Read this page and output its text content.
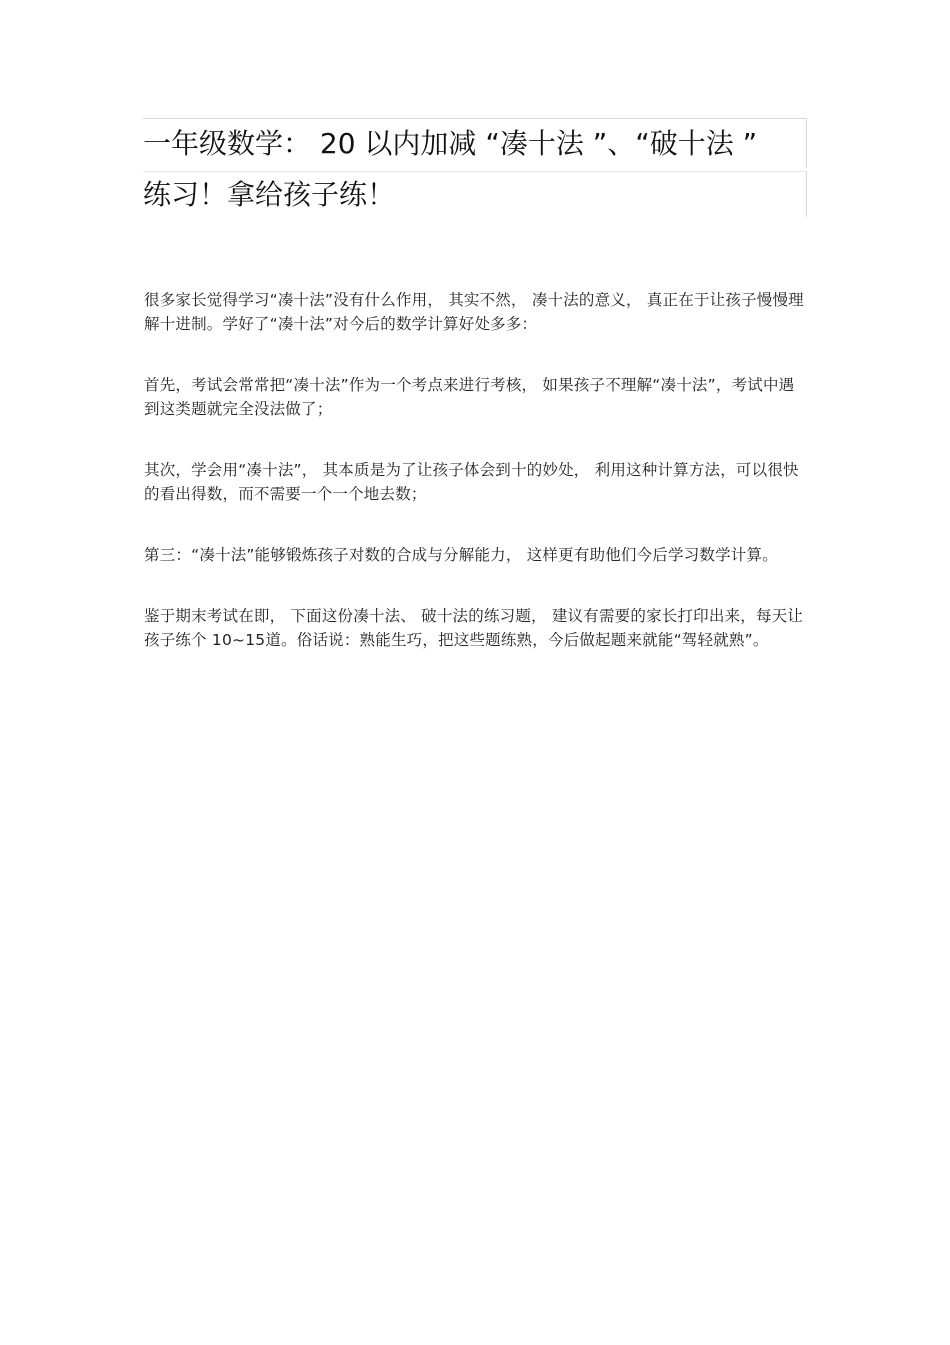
一年级数学： 20 以内加减 “凑十法 ”、“破十法 ”
练习！拿给孩子练！

很多家长觉得学习“凑十法”没有什么作用， 其实不然， 凑十法的意义， 真正在于让孩子慢慢理解十进制。学好了“凑十法”对今后的数学计算好处多多：

首先，考试会常常把“凑十法”作为一个考点来进行考核， 如果孩子不理解“凑十法”，考试中遇到这类题就完全没法做了；

其次，学会用“凑十法”， 其本质是为了让孩子体会到十的妙处， 利用这种计算方法，可以很快的看出得数，而不需要一个一个地去数；

第三：“凑十法”能够锻炼孩子对数的合成与分解能力， 这样更有助他们今后学习数学计算。

鉴于期末考试在即， 下面这份凑十法、 破十法的练习题， 建议有需要的家长打印出来，每天让孩子练个 10~15道。俗话说：熟能生巧，把这些题练熟，今后做起题来就能“驾轻就熟”。
